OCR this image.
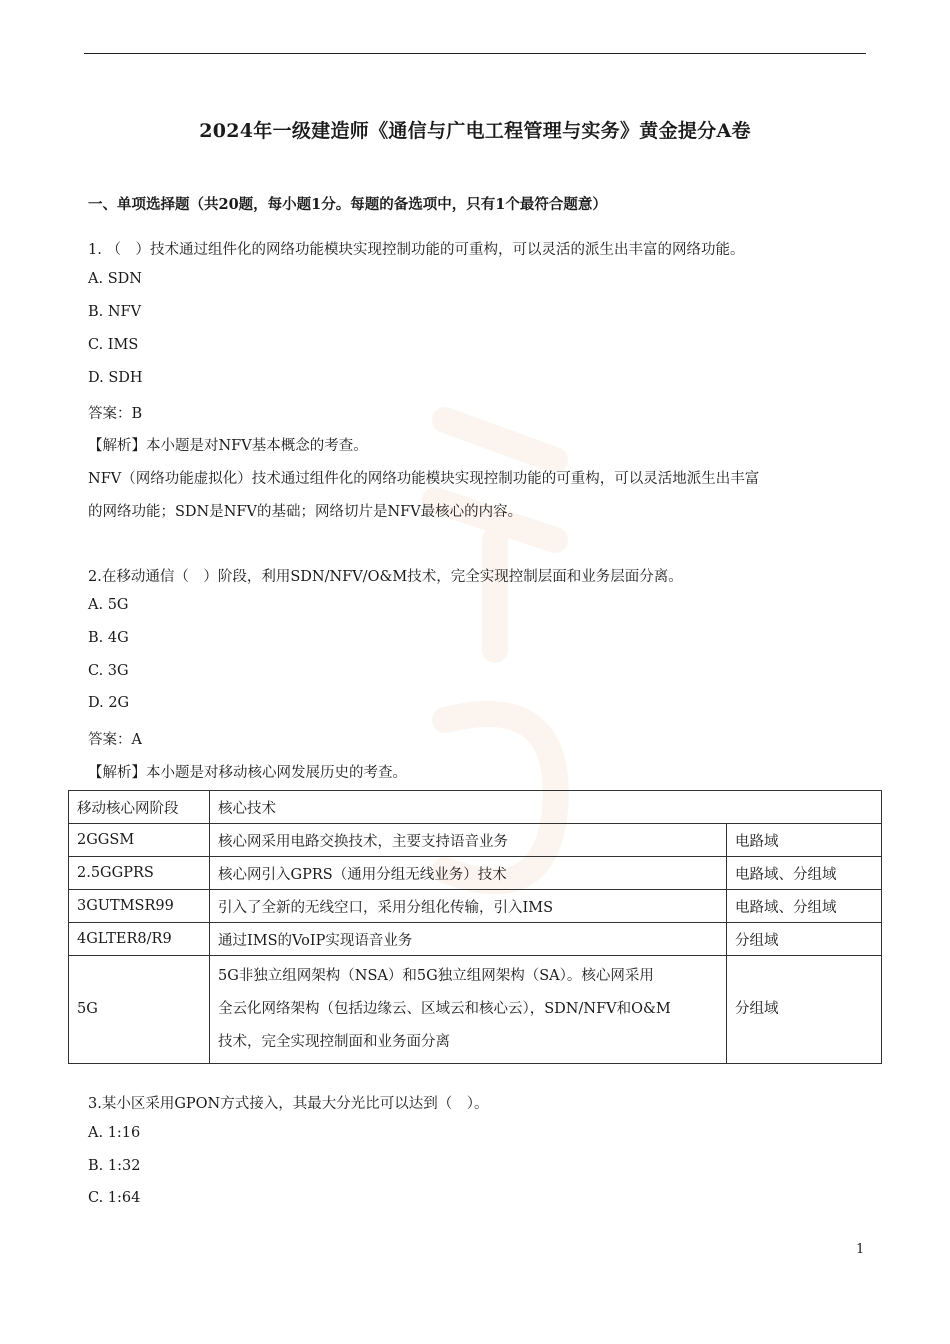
2024年一级建造师《通信与广电工程管理与实务》黄金提分A卷
一、单项选择题（共20题，每小题1分。每题的备选项中，只有1个最符合题意）
1. （　）技术通过组件化的网络功能模块实现控制功能的可重构，可以灵活的派生出丰富的网络功能。
A. SDN
B. NFV
C. IMS
D. SDH
答案：B
【解析】本小题是对NFV基本概念的考查。
NFV（网络功能虚拟化）技术通过组件化的网络功能模块实现控制功能的可重构，可以灵活地派生出丰富
的网络功能；SDN是NFV的基础；网络切片是NFV最核心的内容。
2.在移动通信（　）阶段，利用SDN/NFV/O&M技术，完全实现控制层面和业务层面分离。
A. 5G
B. 4G
C. 3G
D. 2G
答案：A
【解析】本小题是对移动核心网发展历史的考查。
移动核心网阶段	核心技术	
2GGSM	核心网采用电路交换技术，主要支持语音业务	电路域
2.5GGPRS	核心网引入GPRS（通用分组无线业务）技术	电路域、分组域
3GUTMSR99	引入了全新的无线空口，采用分组化传输，引入IMS	电路域、分组域
4GLTER8/R9	通过IMS的VoIP实现语音业务	分组域
5G	5G非独立组网架构（NSA）和5G独立组网架构（SA）。核心网采用
全云化网络架构（包括边缘云、区域云和核心云），SDN/NFV和O&M
技术，完全实现控制面和业务面分离	分组域
3.某小区采用GPON方式接入，其最大分光比可以达到（　）。
A. 1:16
B. 1:32
C. 1:64
1
